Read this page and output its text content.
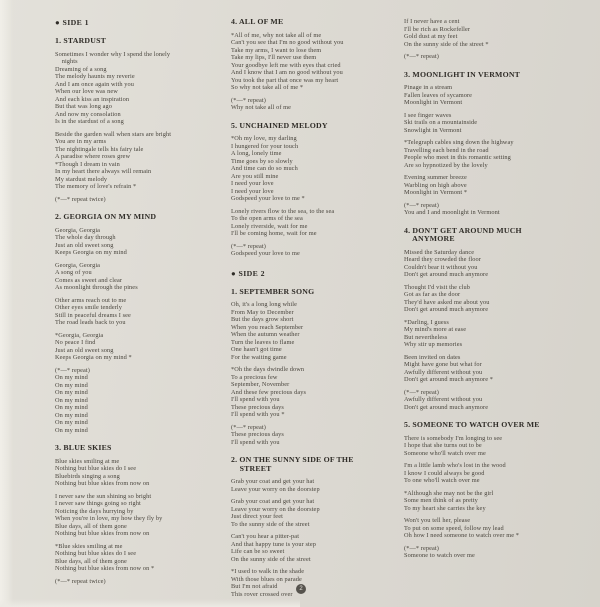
● SIDE 1
1. STARDUST
Sometimes I wonder why I spend the lonely
nights
Dreaming of a song
The melody haunts my reverie
And I am once again with you
When our love was new
And each kiss an inspiration
But that was long ago
And now my consolation
Is in the stardust of a song
Beside the garden wall when stars are bright
You are in my arms
The nightingale tells his fairy tale
A paradise where roses grew
*Though I dream in vain
In my heart there always will remain
My stardust melody
The memory of love's refrain *
(*—* repeat twice)
2. GEORGIA ON MY MIND
Georgia, Georgia
The whole day through
Just an old sweet song
Keeps Georgia on my mind
Georgia, Georgia
A song of you
Comes as sweet and clear
As moonlight through the pines
Other arms reach out to me
Other eyes smile tenderly
Still in peaceful dreams I see
The road leads back to you
*Georgia, Georgia
No peace I find
Just an old sweet song
Keeps Georgia on my mind *
(*—* repeat)
On my mind
On my mind
On my mind
On my mind
On my mind
On my mind
On my mind
On my mind
3. BLUE SKIES
Blue skies smiling at me
Nothing but blue skies do I see
Bluebirds singing a song
Nothing but blue skies from now on
I never saw the sun shining so bright
I never saw things going so right
Noticing the days hurrying by
When you're in love, my how they fly by
Blue days, all of them gone
Nothing but blue skies from now on
*Blue skies smiling at me
Nothing but blue skies do I see
Blue days, all of them gone
Nothing but blue skies from now on *
(*—* repeat twice)
4. ALL OF ME
*All of me, why not take all of me
Can't you see that I'm no good without you
Take my arms, I want to lose them
Take my lips, I'll never use them
Your goodbye left me with eyes that cried
And I know that I am no good without you
You took the part that once was my heart
So why not take all of me *
(*—* repeat)
Why not take all of me
5. UNCHAINED MELODY
*Oh my love, my darling
I hungered for your touch
A long, lonely time
Time goes by so slowly
And time can do so much
Are you still mine
I need your love
I need your love
Godspeed your love to me *
Lonely rivers flow to the sea, to the sea
To the open arms of the sea
Lonely riverside, wait for me
I'll be coming home, wait for me
(*—* repeat)
Godspeed your love to me
● SIDE 2
1. SEPTEMBER SONG
Oh, it's a long long while
From May to December
But the days grow short
When you reach September
When the autumn weather
Turn the leaves to flame
One hasn't got time
For the waiting game
*Oh the days dwindle down
To a precious few
September, November
And these few precious days
I'll spend with you
These precious days
I'll spend with you *
(*—* repeat)
These precious days
I'll spend with you
2. ON THE SUNNY SIDE OF THE
STREET
Grab your coat and get your hat
Leave your worry on the doorstep
Grab your coat and get your hat
Leave your worry on the doorstep
Just direct your feet
To the sunny side of the street
Can't you hear a pitter-pat
And that happy tune is your step
Life can be so sweet
On the sunny side of the street
*I used to walk in the shade
With those blues on parade
But I'm not afraid
This rover crossed over
If I never have a cent
I'll be rich as Rockefeller
Gold dust at my feet
On the sunny side of the street *
(*—* repeat)
3. MOONLIGHT IN VERMONT
Pinage in a stream
Fallen leaves of sycamore
Moonlight in Vermont
I see finger waves
Ski trails on a mountainside
Snowlight in Vermont
*Telegraph cables sing down the highway
Travelling each bend in the road
People who meet in this romantic setting
Are so hypnotized by the lovely
Evening summer breeze
Warbling on high above
Moonlight in Vermont *
(*—* repeat)
You and I and moonlight in Vermont
4. DON'T GET AROUND MUCH
ANYMORE
Missed the Saturday dance
Heard they crowded the floor
Couldn't bear it without you
Don't get around much anymore
Thought I'd visit the club
Got as far as the door
They'd have asked me about you
Don't get around much anymore
*Darling, I guess
My mind's more at ease
But nevertheless
Why stir up memories
Been invited on dates
Might have gone but what for
Awfully different without you
Don't get around much anymore *
(*—* repeat)
Awfully different without you
Don't get around much anymore
5. SOMEONE TO WATCH OVER ME
There is somebody I'm longing to see
I hope that she turns out to be
Someone who'll watch over me
I'm a little lamb who's lost in the wood
I know I could always be good
To one who'll watch over me
*Although she may not be the girl
Some men think of as pretty
To my heart she carries the key
Won't you tell her, please
To put on some speed, follow my lead
Oh how I need someone to watch over me *
(*—* repeat)
Someone to watch over me
2
